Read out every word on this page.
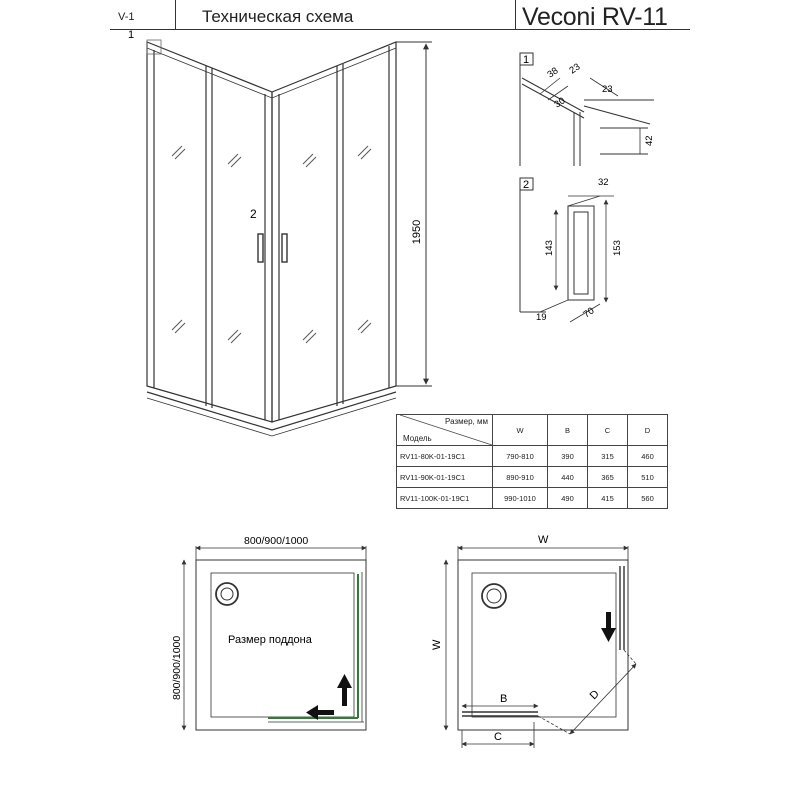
V-1	Техническая схема	Veconi RV-11
1
2
1950
1
38 23
30
23
42
2	32
143	153
19	70
800/900/1000
800/900/1000	Размер поддона
W
W
B
C
D
Размер, мм
Модель	W	B	C	D
RV11-80K-01-19C1	790-810	390	315	460
RV11-90K-01-19C1	890-910	440	365	510
RV11-100K-01-19C1	990-1010	490	415	560
